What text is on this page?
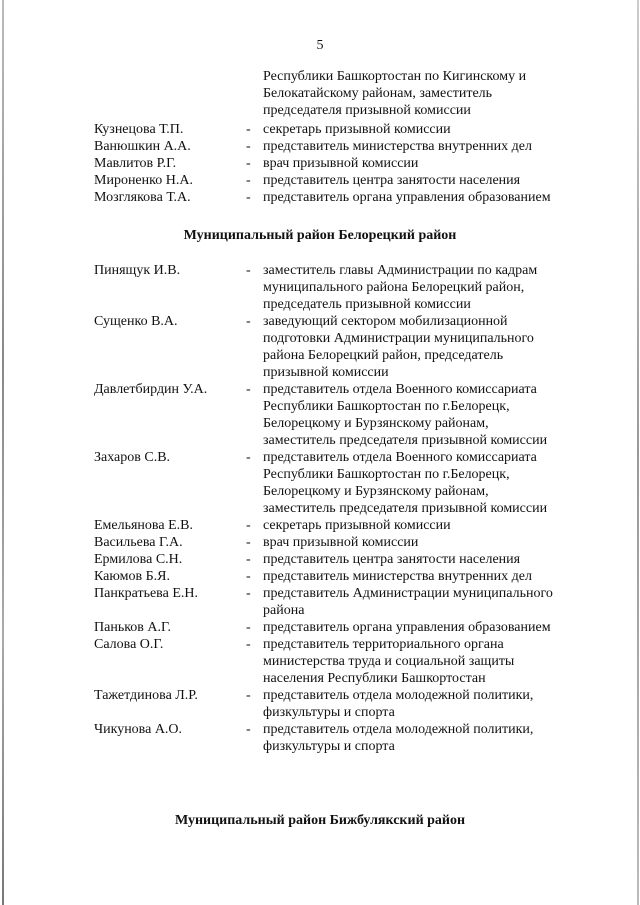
5
Республики Башкортостан по Кигинскому и
Белокатайскому районам, заместитель
председателя призывной комиссии
Кузнецова Т.П.	- секретарь призывной комиссии
Ванюшкин А.А.	- представитель министерства внутренних дел
Мавлитов Р.Г.	- врач призывной комиссии
Мироненко Н.А.	- представитель центра занятости населения
Мозглякова Т.А.	- представитель органа управления образованием
Муниципальный район Белорецкий район
Пинящук И.В.	- заместитель главы Администрации по кадрам
муниципального района Белорецкий район,
председатель призывной комиссии
Сущенко В.А.	- заведующий сектором мобилизационной
подготовки Администрации муниципального
района Белорецкий район, председатель
призывной комиссии
Давлетбирдин У.А.	- представитель отдела Военного комиссариата
Республики Башкортостан по г.Белорецк,
Белорецкому и Бурзянскому районам,
заместитель председателя призывной комиссии
Захаров С.В.	- представитель отдела Военного комиссариата
Республики Башкортостан по г.Белорецк,
Белорецкому и Бурзянскому районам,
заместитель председателя призывной комиссии
Емельянова Е.В.	- секретарь призывной комиссии
Васильева Г.А.	- врач призывной комиссии
Ермилова С.Н.	- представитель центра занятости населения
Каюмов Б.Я.	- представитель министерства внутренних дел
Панкратьева Е.Н.	- представитель Администрации муниципального
района
Паньков А.Г.	- представитель органа управления образованием
Салова О.Г.	- представитель территориального органа
министерства труда и социальной защиты
населения Республики Башкортостан
Тажетдинова Л.Р.	- представитель отдела молодежной политики,
физкультуры и спорта
Чикунова А.О.	- представитель отдела молодежной политики,
физкультуры и спорта
Муниципальный район Бижбулякский район
